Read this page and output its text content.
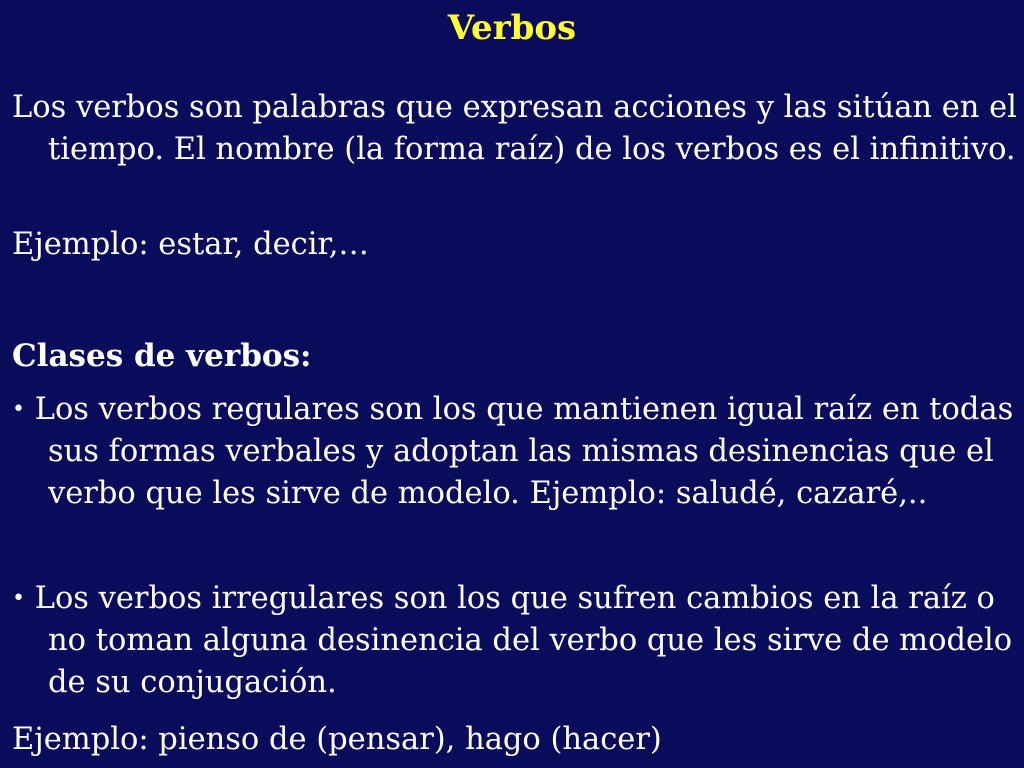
Verbos

Los verbos son palabras que expresan acciones y las sitúan en el tiempo. El nombre (la forma raíz) de los verbos es el infinitivo.

Ejemplo: estar, decir,…

Clases de verbos:

• Los verbos regulares son los que mantienen igual raíz en todas sus formas verbales y adoptan las mismas desinencias que el verbo que les sirve de modelo. Ejemplo: saludé, cazaré,..

• Los verbos irregulares son los que sufren cambios en la raíz o no toman alguna desinencia del verbo que les sirve de modelo de su conjugación.

Ejemplo: pienso de (pensar), hago (hacer)
